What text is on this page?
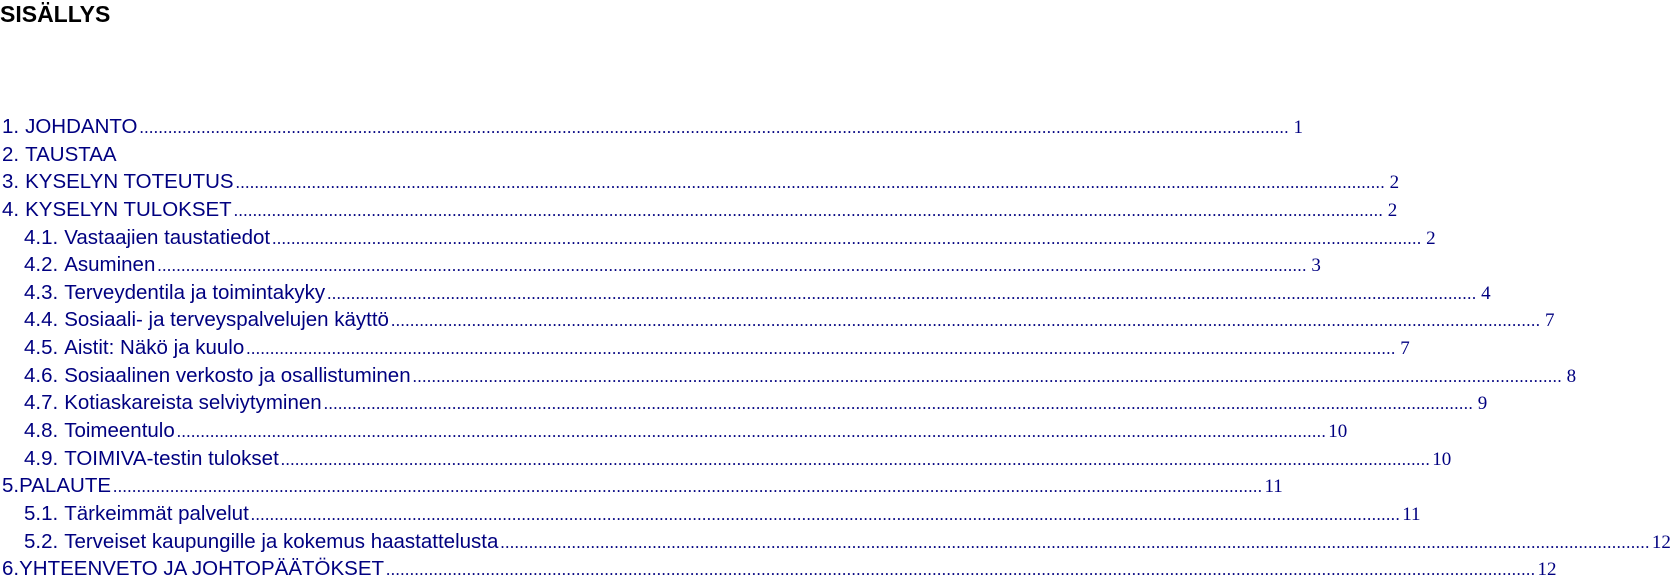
SISÄLLYS
1. JOHDANTO .....	1
2. TAUSTAA
3. KYSELYN TOTEUTUS .....	2
4. KYSELYN TULOKSET .....	2
4.1. Vastaajien taustatiedot .....	2
4.2. Asuminen .....	3
4.3. Terveydentila ja toimintakyky .....	4
4.4. Sosiaali- ja terveyspalvelujen käyttö .....	7
4.5. Aistit: Näkö ja kuulo .....	7
4.6. Sosiaalinen verkosto ja osallistuminen .....	8
4.7. Kotiaskareista selviytyminen .....	9
4.8. Toimeentulo .....	10
4.9. TOIMIVA-testin tulokset .....	10
5. PALAUTE .....	11
5.1. Tärkeimmät palvelut .....	11
5.2. Terveiset kaupungille ja kokemus haastattelusta .....	12
6. YHTEENVETO JA JOHTOPÄÄTÖKSET .....	12
